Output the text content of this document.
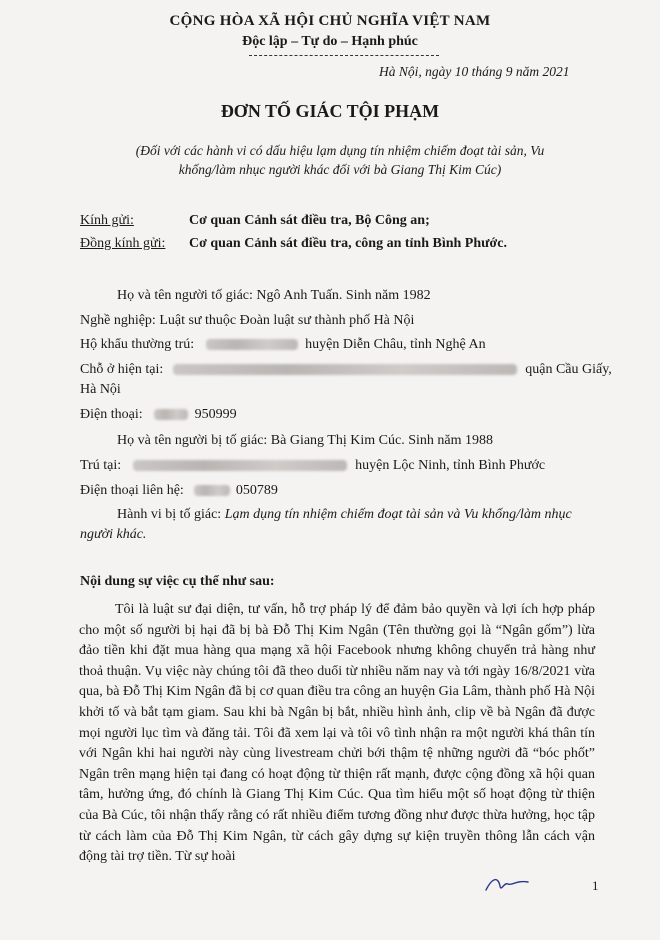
CỘNG HÒA XÃ HỘI CHỦ NGHĨA VIỆT NAM
Độc lập – Tự do – Hạnh phúc
Hà Nội, ngày 10 tháng 9 năm 2021
ĐƠN TỐ GIÁC TỘI PHẠM
(Đối với các hành vi có dấu hiệu lạm dụng tín nhiệm chiếm đoạt tài sản, Vu khống/làm nhục người khác đối với bà Giang Thị Kim Cúc)
Kính gửi:	Cơ quan Cảnh sát điều tra, Bộ Công an;
Đồng kính gửi: Cơ quan Cảnh sát điều tra, công an tỉnh Bình Phước.
Họ và tên người tố giác: Ngô Anh Tuấn. Sinh năm 1982
Nghề nghiệp: Luật sư thuộc Đoàn luật sư thành phố Hà Nội
Hộ khẩu thường trú:	huyện Diễn Châu, tỉnh Nghệ An
Chỗ ở hiện tại:	quận Cầu Giấy,
Hà Nội
Điện thoại:	950999
Họ và tên người bị tố giác: Bà Giang Thị Kim Cúc. Sinh năm 1988
Trú tại:	huyện Lộc Ninh, tỉnh Bình Phước
Điện thoại liên hệ:	050789
Hành vi bị tố giác: Lạm dụng tín nhiệm chiếm đoạt tài sản và Vu khống/làm nhục
người khác.
Nội dung sự việc cụ thể như sau:
Tôi là luật sư đại diện, tư vấn, hỗ trợ pháp lý để đảm bảo quyền và lợi ích hợp pháp cho một số người bị hại đã bị bà Đỗ Thị Kim Ngân (Tên thường gọi là “Ngân gốm”) lừa đảo tiền khi đặt mua hàng qua mạng xã hội Facebook nhưng không chuyển trả hàng như thoả thuận. Vụ việc này chúng tôi đã theo duổi từ nhiều năm nay và tới ngày 16/8/2021 vừa qua, bà Đỗ Thị Kim Ngân đã bị cơ quan điều tra công an huyện Gia Lâm, thành phố Hà Nội khởi tố và bắt tạm giam. Sau khi bà Ngân bị bắt, nhiều hình ảnh, clip về bà Ngân đã được mọi người lục tìm và đăng tải. Tôi đã xem lại và tôi vô tình nhận ra một người khá thân tín với Ngân khi hai người này cùng livestream chửi bới thậm tệ những người đã “bóc phốt” Ngân trên mạng hiện tại đang có hoạt động từ thiện rất mạnh, được cộng đồng xã hội quan tâm, hưởng ứng, đó chính là Giang Thị Kim Cúc. Qua tìm hiểu một số hoạt động từ thiện của Bà Cúc, tôi nhận thấy rằng có rất nhiều điểm tương đồng như được thừa hưởng, học tập từ cách làm của Đỗ Thị Kim Ngân, từ cách gây dựng sự kiện truyền thông lẫn cách vận động tài trợ tiền. Từ sự hoài
1
